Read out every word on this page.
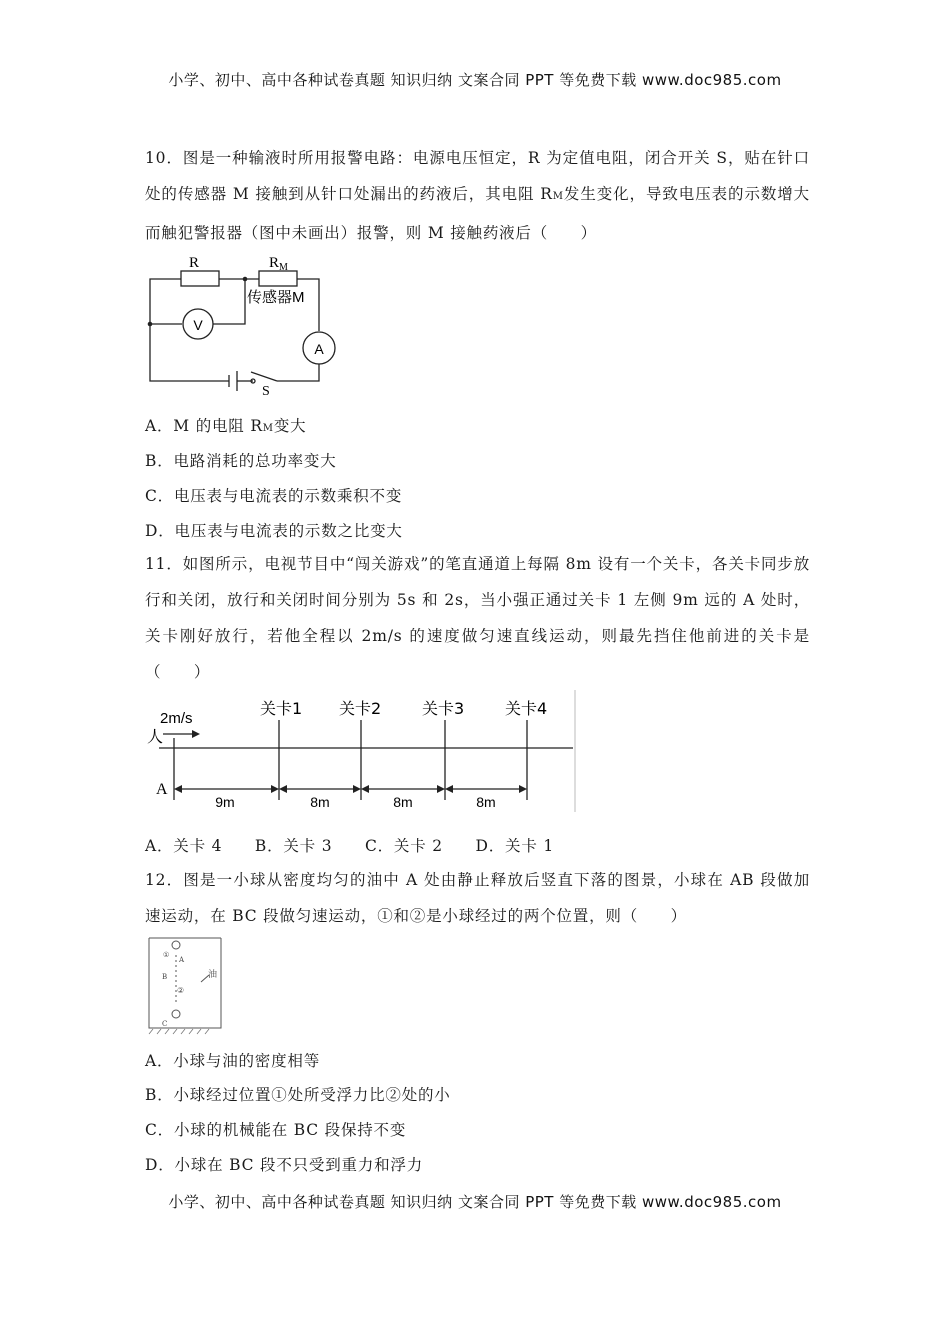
小学、初中、高中各种试卷真题 知识归纳 文案合同 PPT 等免费下载 www.doc985.com
10．图是一种输液时所用报警电路：电源电压恒定，R 为定值电阻，闭合开关 S，贴在针口处的传感器 M 接触到从针口处漏出的药液后，其电阻 RM发生变化，导致电压表的示数增大而触犯警报器（图中未画出）报警，则 M 接触药液后（　　）
R	$R_M$
传感器M
V
A
S
A．M 的电阻 RM变大
B．电路消耗的总功率变大
C．电压表与电流表的示数乘积不变
D．电压表与电流表的示数之比变大
11．如图所示，电视节目中“闯关游戏”的笔直通道上每隔 8m 设有一个关卡，各关卡同步放行和关闭，放行和关闭时间分别为 5s 和 2s，当小强正通过关卡 1 左侧 9m 远的 A 处时，关卡刚好放行，若他全程以 2m/s 的速度做匀速直线运动，则最先挡住他前进的关卡是（　　）
2m/s
人
A
关卡1 关卡2	关卡3	关卡4
9m	8m	8m	8m
A．关卡 4　　B．关卡 3　　C．关卡 2　　D．关卡 1
12．图是一小球从密度均匀的油中 A 处由静止释放后竖直下落的图景，小球在 AB 段做加速运动，在 BC 段做匀速运动，①和②是小球经过的两个位置，则（　　）
①
A
B
②
C
油
A．小球与油的密度相等
B．小球经过位置①处所受浮力比②处的小
C．小球的机械能在 BC 段保持不变
D．小球在 BC 段不只受到重力和浮力
小学、初中、高中各种试卷真题 知识归纳 文案合同 PPT 等免费下载 www.doc985.com
